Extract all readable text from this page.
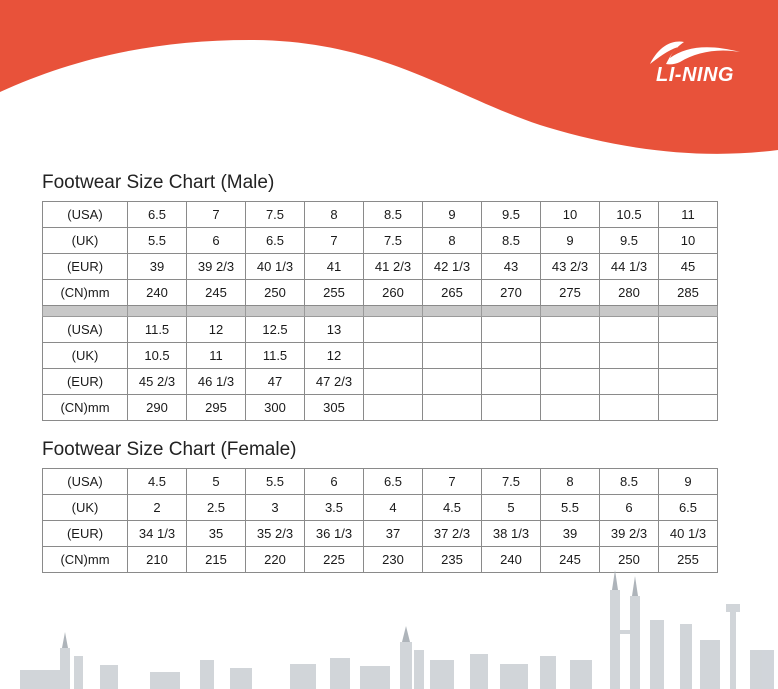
LI-NING
Footwear Size Chart (Male)
(USA)	6.5	7	7.5	8	8.5	9	9.5	10	10.5	11
(UK)	5.5	6	6.5	7	7.5	8	8.5	9	9.5	10
(EUR)	39	39 2/3	40 1/3	41	41 2/3	42 1/3	43	43 2/3	44 1/3	45
(CN)mm	240	245	250	255	260	265	270	275	280	285

(USA)	11.5	12	12.5	13						
(UK)	10.5	11	11.5	12						
(EUR)	45 2/3	46 1/3	47	47 2/3						
(CN)mm	290	295	300	305						
Footwear Size Chart (Female)
(USA)	4.5	5	5.5	6	6.5	7	7.5	8	8.5	9
(UK)	2	2.5	3	3.5	4	4.5	5	5.5	6	6.5
(EUR)	34 1/3	35	35 2/3	36 1/3	37	37 2/3	38 1/3	39	39 2/3	40 1/3
(CN)mm	210	215	220	225	230	235	240	245	250	255
